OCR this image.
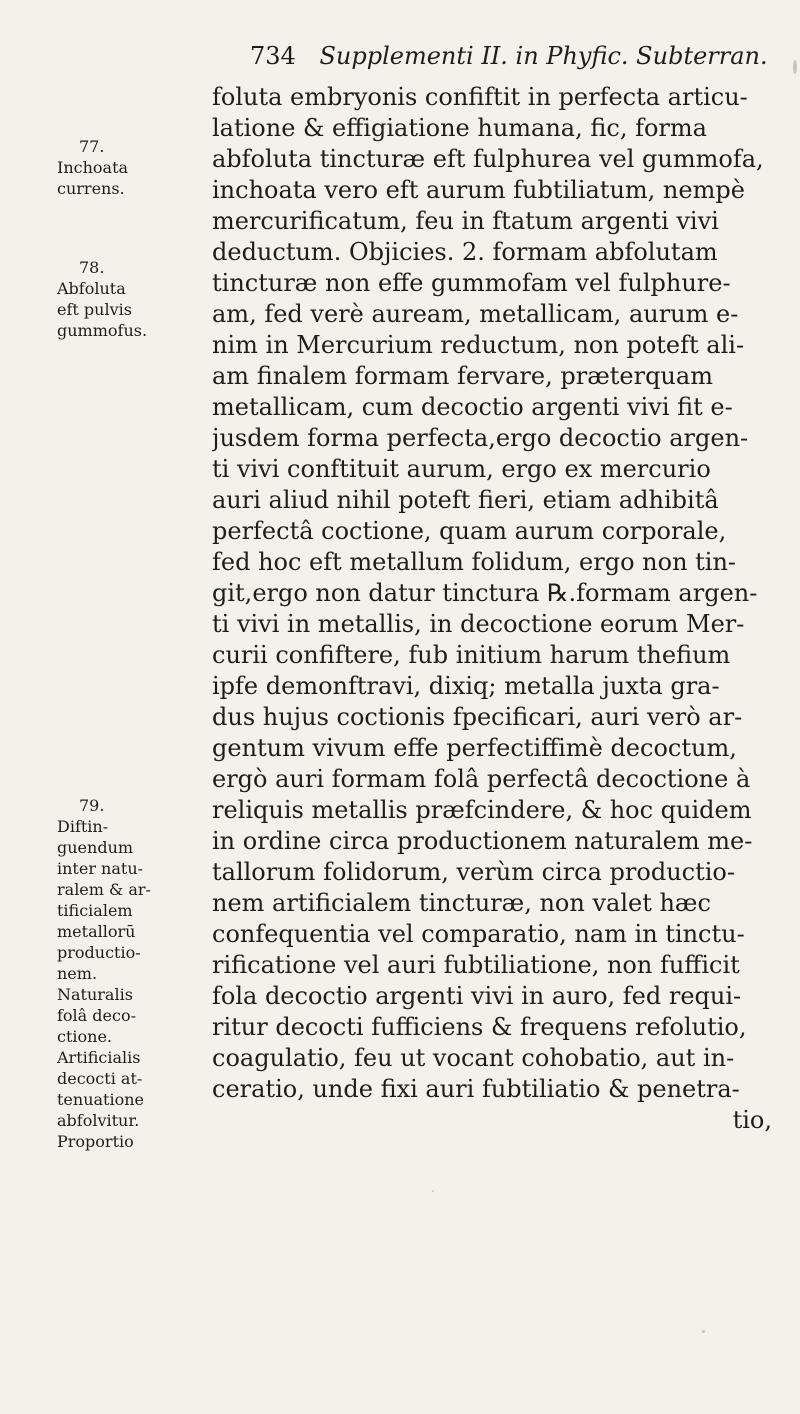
734 Supplementi II. in Phyfic. Subterran.
foluta embryonis confiftit in perfecta articu-
latione & effigiatione humana, fic, forma
abfoluta tincturæ eft fulphurea vel gummofa,
inchoata vero eft aurum fubtiliatum, nempè
mercurificatum, feu in ftatum argenti vivi
deductum. Objicies. 2. formam abfolutam
tincturæ non effe gummofam vel fulphure-
am, fed verè auream, metallicam, aurum e-
nim in Mercurium reductum, non poteft ali-
am finalem formam fervare, præterquam
metallicam, cum decoctio argenti vivi fit e-
jusdem forma perfecta,ergo decoctio argen-
ti vivi conftituit aurum, ergo ex mercurio
auri aliud nihil poteft fieri, etiam adhibitâ
perfectâ coctione, quam aurum corporale,
fed hoc eft metallum folidum, ergo non tin-
git,ergo non datur tinctura ℞.formam argen-
ti vivi in metallis, in decoctione eorum Mer-
curii confiftere, fub initium harum thefium
ipfe demonftravi, dixiq; metalla juxta gra-
dus hujus coctionis fpecificari, auri verò ar-
gentum vivum effe perfectiffimè decoctum,
ergò auri formam folâ perfectâ decoctione à
reliquis metallis præfcindere, & hoc quidem
in ordine circa productionem naturalem me-
tallorum folidorum, verùm circa productio-
nem artificialem tincturæ, non valet hæc
confequentia vel comparatio, nam in tinctu-
rificatione vel auri fubtiliatione, non fufficit
fola decoctio argenti vivi in auro, fed requi-
ritur decocti fufficiens & frequens refolutio,
coagulatio, feu ut vocant cohobatio, aut in-
ceratio, unde fixi auri fubtiliatio & penetra-
tio,
77.
Inchoata
currens.
78.
Abfoluta
eft pulvis
gummofus.
79.
Diftin-
guendum
inter natu-
ralem & ar-
tificialem
metallorū
productio-
nem.
Naturalis
folâ deco-
ctione.
Artificialis
decocti at-
tenuatione
abfolvitur.
Proportio
